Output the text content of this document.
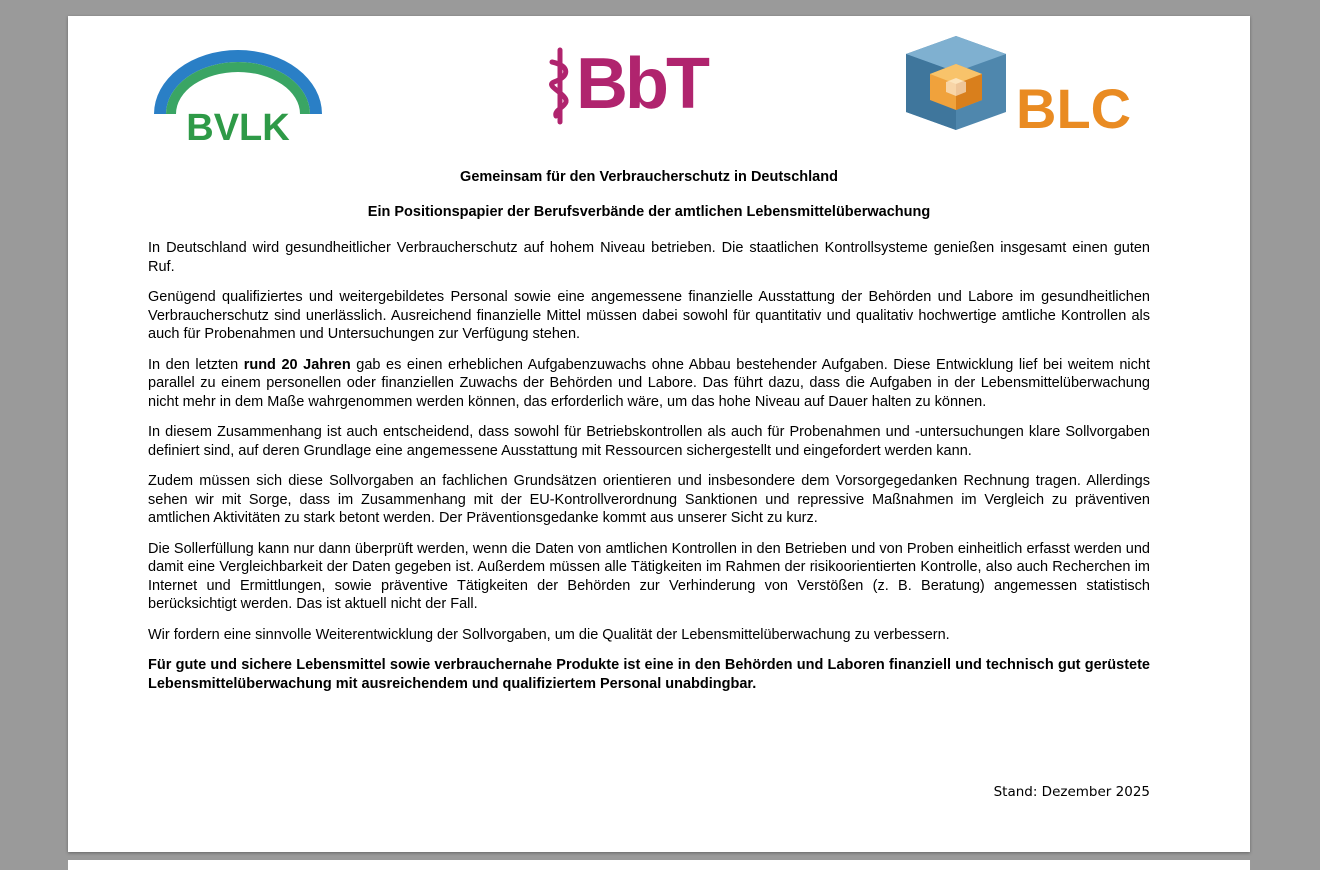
BVLK
BbT	BLC

Gemeinsam für den Verbraucherschutz in Deutschland

Ein Positionspapier der Berufsverbände der amtlichen Lebensmittelüberwachung

In Deutschland wird gesundheitlicher Verbraucherschutz auf hohem Niveau betrieben. Die staatlichen Kontrollsysteme genießen insgesamt einen guten Ruf.

Genügend qualifiziertes und weitergebildetes Personal sowie eine angemessene finanzielle Ausstattung der Behörden und Labore im gesundheitlichen Verbraucherschutz sind unerlässlich. Ausreichend finanzielle Mittel müssen dabei sowohl für quantitativ und qualitativ hochwertige amtliche Kontrollen als auch für Probenahmen und Untersuchungen zur Verfügung stehen.

In den letzten rund 20 Jahren gab es einen erheblichen Aufgabenzuwachs ohne Abbau bestehender Aufgaben. Diese Entwicklung lief bei weitem nicht parallel zu einem personellen oder finanziellen Zuwachs der Behörden und Labore. Das führt dazu, dass die Aufgaben in der Lebensmittelüberwachung nicht mehr in dem Maße wahrgenommen werden können, das erforderlich wäre, um das hohe Niveau auf Dauer halten zu können.

In diesem Zusammenhang ist auch entscheidend, dass sowohl für Betriebskontrollen als auch für Probenahmen und -untersuchungen klare Sollvorgaben definiert sind, auf deren Grundlage eine angemessene Ausstattung mit Ressourcen sichergestellt und eingefordert werden kann.

Zudem müssen sich diese Sollvorgaben an fachlichen Grundsätzen orientieren und insbesondere dem Vorsorgegedanken Rechnung tragen. Allerdings sehen wir mit Sorge, dass im Zusammenhang mit der EU-Kontrollverordnung Sanktionen und repressive Maßnahmen im Vergleich zu präventiven amtlichen Aktivitäten zu stark betont werden. Der Präventionsgedanke kommt aus unserer Sicht zu kurz.

Die Sollerfüllung kann nur dann überprüft werden, wenn die Daten von amtlichen Kontrollen in den Betrieben und von Proben einheitlich erfasst werden und damit eine Vergleichbarkeit der Daten gegeben ist. Außerdem müssen alle Tätigkeiten im Rahmen der risikoorientierten Kontrolle, also auch Recherchen im Internet und Ermittlungen, sowie präventive Tätigkeiten der Behörden zur Verhinderung von Verstößen (z. B. Beratung) angemessen statistisch berücksichtigt werden. Das ist aktuell nicht der Fall.

Wir fordern eine sinnvolle Weiterentwicklung der Sollvorgaben, um die Qualität der Lebensmittelüberwachung zu verbessern.

Für gute und sichere Lebensmittel sowie verbrauchernahe Produkte ist eine in den Behörden und Laboren finanziell und technisch gut gerüstete Lebensmittelüberwachung mit ausreichendem und qualifiziertem Personal unabdingbar.

Stand: Dezember 2025
